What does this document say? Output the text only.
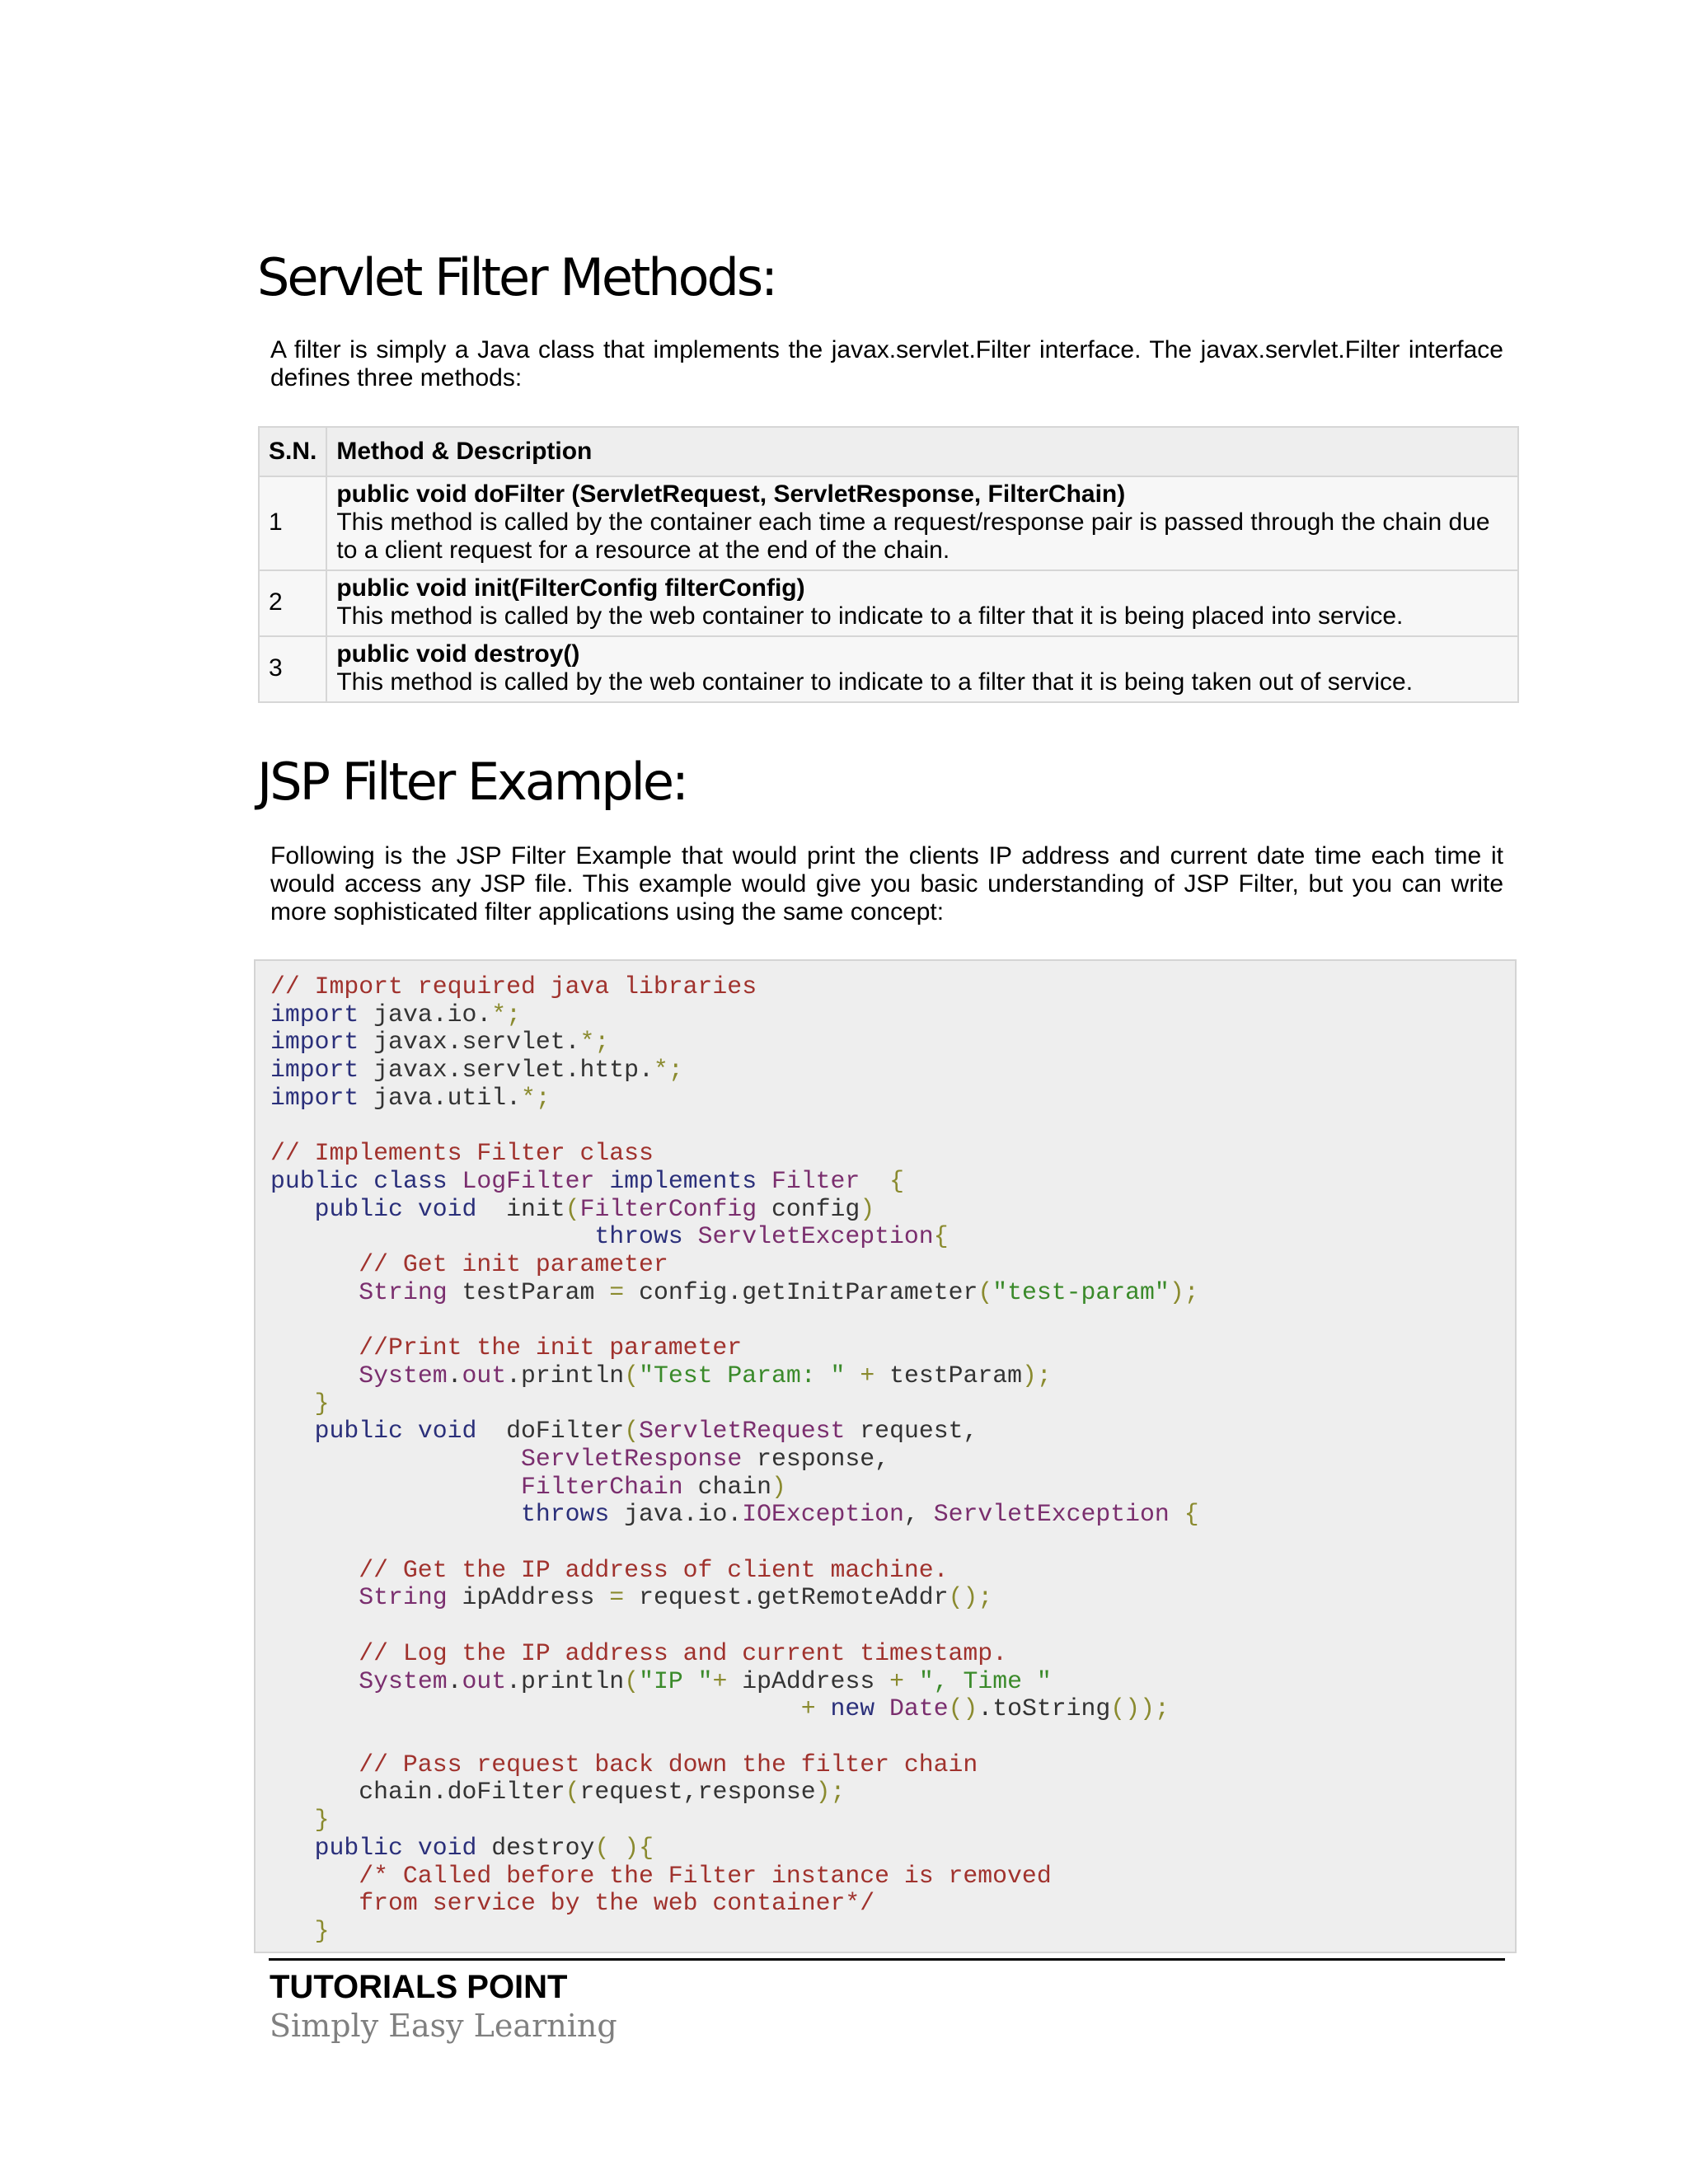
Servlet Filter Methods:

A filter is simply a Java class that implements the javax.servlet.Filter interface. The javax.servlet.Filter interface defines three methods:

S.N.	Method & Description
1	public void doFilter (ServletRequest, ServletResponse, FilterChain)
This method is called by the container each time a request/response pair is passed through the chain due to a client request for a resource at the end of the chain.

2	public void init(FilterConfig filterConfig)
This method is called by the web container to indicate to a filter that it is being placed into service.

3	public void destroy()
This method is called by the web container to indicate to a filter that it is being taken out of service.
JSP Filter Example:

Following is the JSP Filter Example that would print the clients IP address and current date time each time it would access any JSP file. This example would give you basic understanding of JSP Filter, but you can write more sophisticated filter applications using the same concept:

// Import required java libraries
import java.io.*;
import javax.servlet.*;
import javax.servlet.http.*;
import java.util.*;
// Implements Filter class
public class LogFilter implements Filter {
public void  init(FilterConfig config)
throws ServletException{
// Get init parameter
String testParam = config.getInitParameter("test-param");
//Print the init parameter
System.out.println("Test Param: " + testParam);
}
public void  doFilter(ServletRequest request,
ServletResponse response,
FilterChain chain)
throws java.io.IOException, ServletException {
// Get the IP address of client machine.
String ipAddress = request.getRemoteAddr();
// Log the IP address and current timestamp.
System.out.println("IP "+ ipAddress + ", Time "
+ new Date().toString());
// Pass request back down the filter chain
chain.doFilter(request,response);
}
public void destroy( ){
/* Called before the Filter instance is removed
from service by the web container*/
}
TUTORIALS POINT
Simply Easy Learning
